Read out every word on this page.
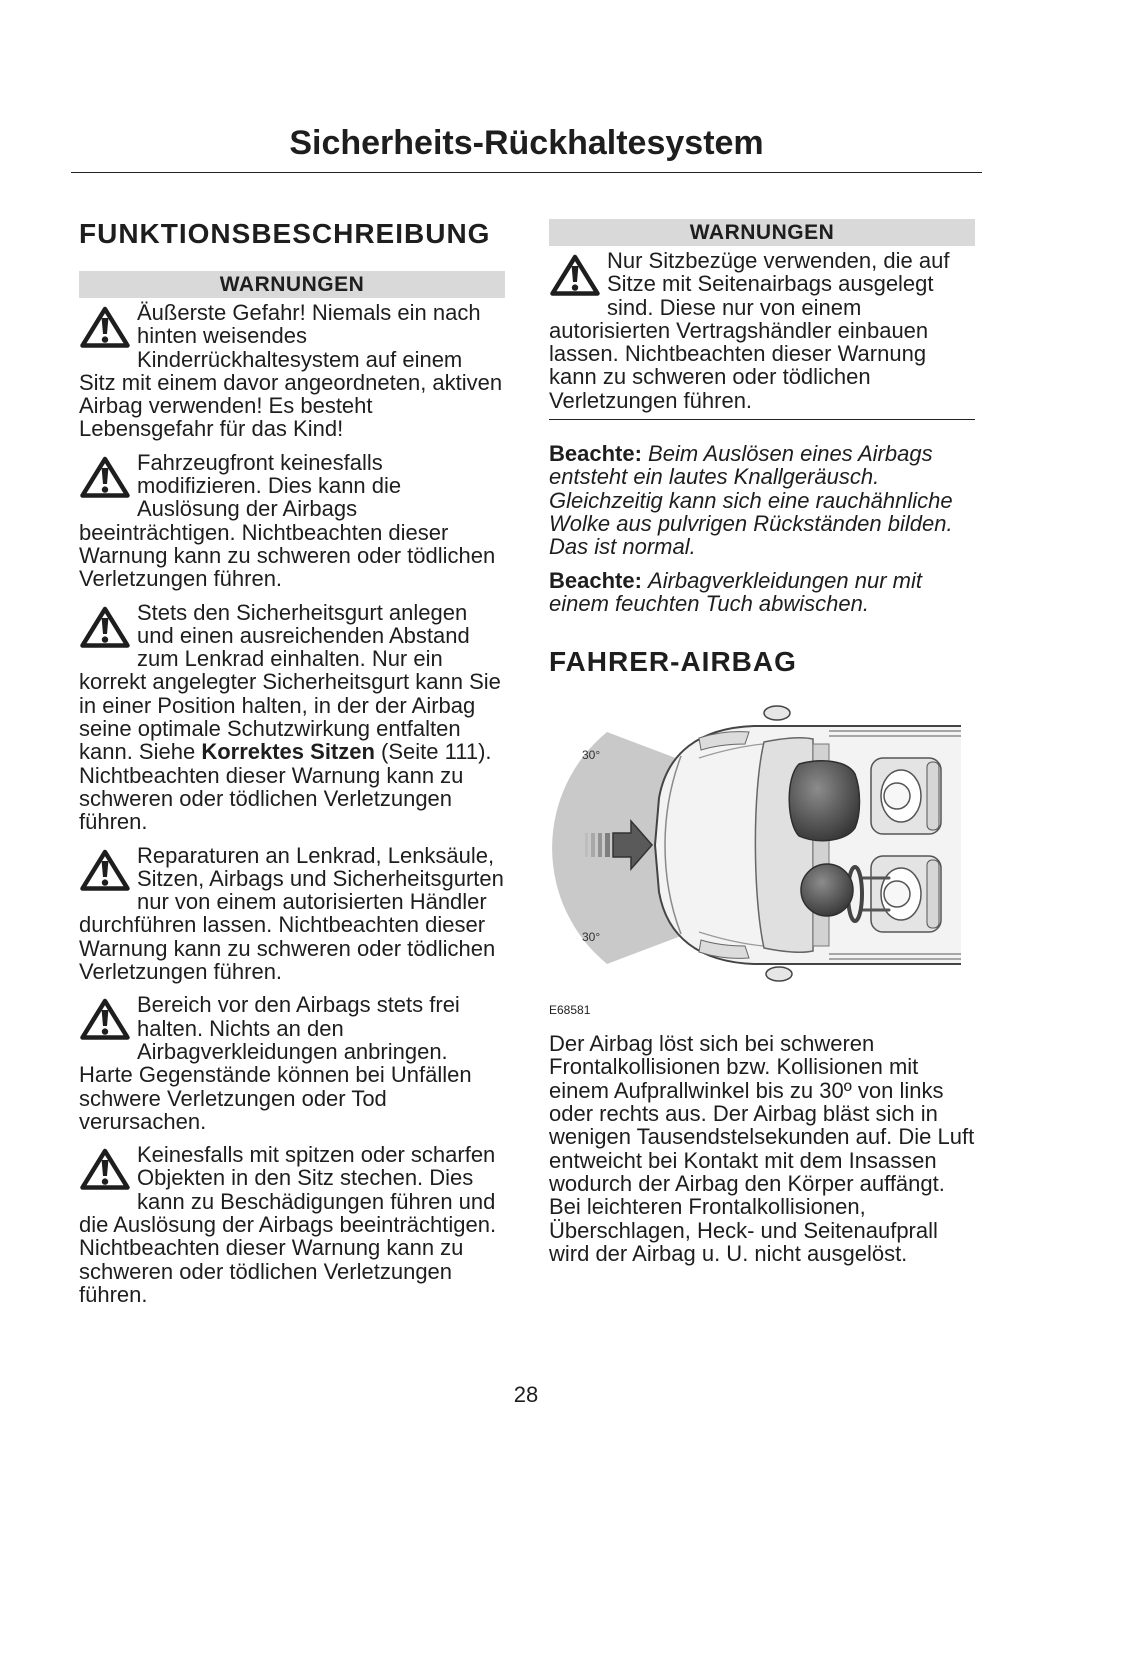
Sicherheits-Rückhaltesystem
FUNKTIONSBESCHREIBUNG
WARNUNGEN
Äußerste Gefahr! Niemals ein nach hinten weisendes Kinderrückhaltesystem auf einem Sitz mit einem davor angeordneten, aktiven Airbag verwenden! Es besteht Lebensgefahr für das Kind!
Fahrzeugfront keinesfalls modifizieren. Dies kann die Auslösung der Airbags beeinträchtigen. Nichtbeachten dieser Warnung kann zu schweren oder tödlichen Verletzungen führen.
Stets den Sicherheitsgurt anlegen und einen ausreichenden Abstand zum Lenkrad einhalten. Nur ein korrekt angelegter Sicherheitsgurt kann Sie in einer Position halten, in der der Airbag seine optimale Schutzwirkung entfalten kann. Siehe Korrektes Sitzen (Seite 111). Nichtbeachten dieser Warnung kann zu schweren oder tödlichen Verletzungen führen.
Reparaturen an Lenkrad, Lenksäule, Sitzen, Airbags und Sicherheitsgurten nur von einem autorisierten Händler durchführen lassen. Nichtbeachten dieser Warnung kann zu schweren oder tödlichen Verletzungen führen.
Bereich vor den Airbags stets frei halten. Nichts an den Airbagverkleidungen anbringen. Harte Gegenstände können bei Unfällen schwere Verletzungen oder Tod verursachen.
Keinesfalls mit spitzen oder scharfen Objekten in den Sitz stechen. Dies kann zu Beschädigungen führen und die Auslösung der Airbags beeinträchtigen. Nichtbeachten dieser Warnung kann zu schweren oder tödlichen Verletzungen führen.
WARNUNGEN
Nur Sitzbezüge verwenden, die auf Sitze mit Seitenairbags ausgelegt sind. Diese nur von einem autorisierten Vertragshändler einbauen lassen. Nichtbeachten dieser Warnung kann zu schweren oder tödlichen Verletzungen führen.

Beachte: Beim Auslösen eines Airbags entsteht ein lautes Knallgeräusch. Gleichzeitig kann sich eine rauchähnliche Wolke aus pulvrigen Rückständen bilden. Das ist normal.

Beachte: Airbagverkleidungen nur mit einem feuchten Tuch abwischen.

FAHRER-AIRBAG
30°
30°

E68581

Der Airbag löst sich bei schweren Frontalkollisionen bzw. Kollisionen mit einem Aufprallwinkel bis zu 30º von links oder rechts aus. Der Airbag bläst sich in wenigen Tausendstelsekunden auf. Die Luft entweicht bei Kontakt mit dem Insassen wodurch der Airbag den Körper auffängt. Bei leichteren Frontalkollisionen, Überschlagen, Heck- und Seitenaufprall wird der Airbag u. U. nicht ausgelöst.

28
